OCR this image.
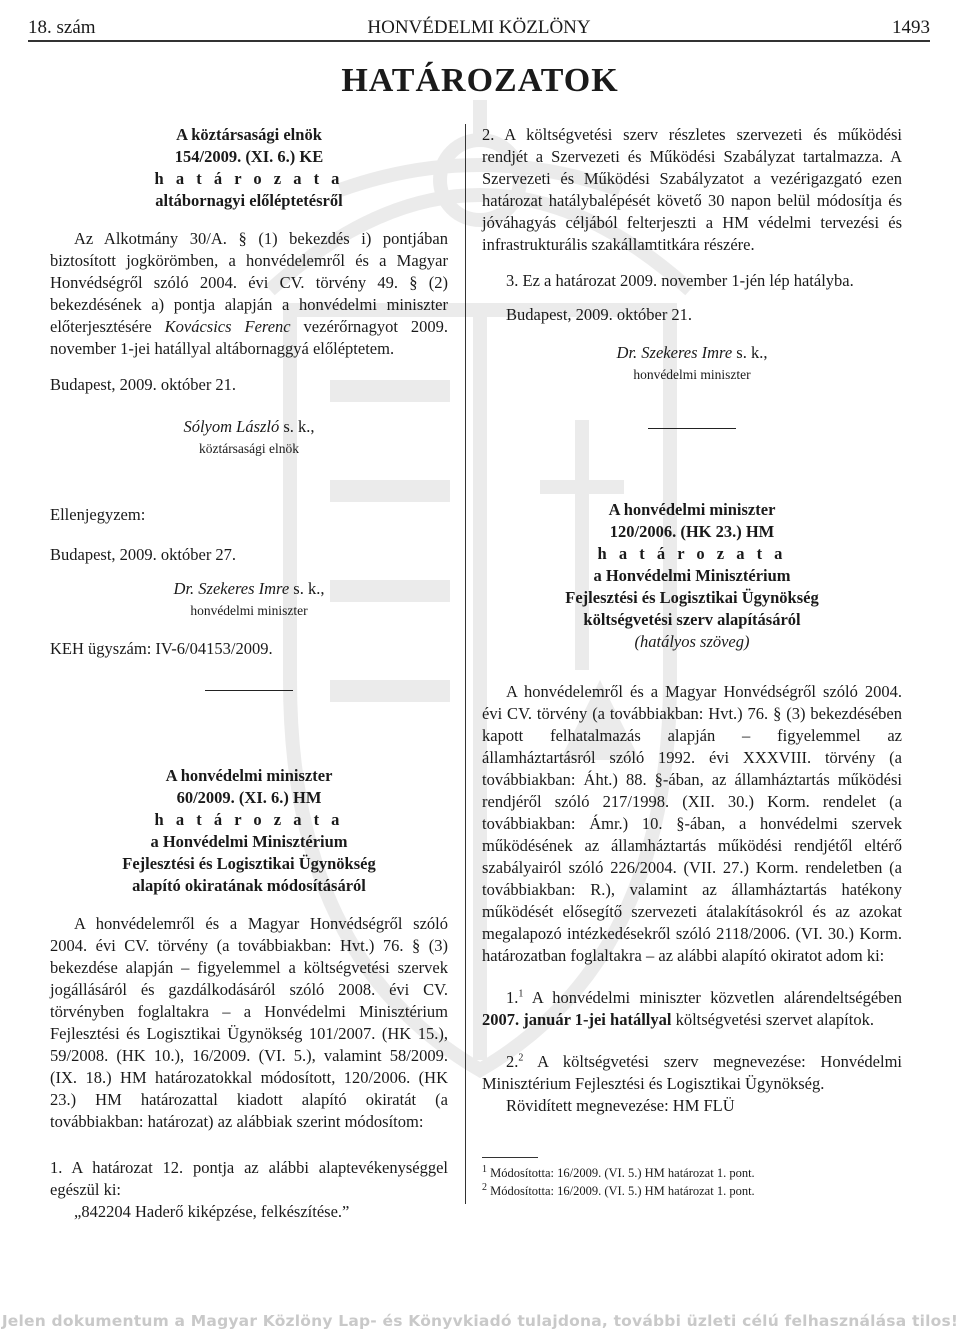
18. szám	HONVÉDELMI KÖZLÖNY	1493
HATÁROZATOK
A köztársasági elnök
154/2009. (XI. 6.) KE
h a t á r o z a t a
altábornagyi előléptetésről

Az Alkotmány 30/A. § (1) bekezdés i) pontjában biztosított jogkörömben, a honvédelemről és a Magyar Honvédségről szóló 2004. évi CV. törvény 49. § (2) bekezdésének a) pontja alapján a honvédelmi miniszter előterjesztésére Kovácsics Ferenc vezérőrnagyot 2009. november 1-jei hatállyal altábornaggyá előléptetem.

Budapest, 2009. október 21.

Sólyom László s. k.,
köztársasági elnök

Ellenjegyzem:

Budapest, 2009. október 27.

Dr. Szekeres Imre s. k.,
honvédelmi miniszter

KEH ügyszám: IV-6/04153/2009.

A honvédelmi miniszter
60/2009. (XI. 6.) HM
h a t á r o z a t a
a Honvédelmi Minisztérium
Fejlesztési és Logisztikai Ügynökség
alapító okiratának módosításáról

A honvédelemről és a Magyar Honvédségről szóló 2004. évi CV. törvény (a továbbiakban: Hvt.) 76. § (3) bekezdése alapján – figyelemmel a költségvetési szervek jogállásáról és gazdálkodásáról szóló 2008. évi CV. törvényben foglaltakra – a Honvédelmi Minisztérium Fejlesztési és Logisztikai Ügynökség 101/2007. (HK 15.), 59/2008. (HK 10.), 16/2009. (VI. 5.), valamint 58/2009. (IX. 18.) HM határozatokkal módosított, 120/2006. (HK 23.) HM határozattal kiadott alapító okiratát (a továbbiakban: határozat) az alábbiak szerint módosítom:

1. A határozat 12. pontja az alábbi alaptevékenységgel egészül ki:

„842204 Haderő kiképzése, felkészítése.”

2. A költségvetési szerv részletes szervezeti és működési rendjét a Szervezeti és Működési Szabályzat tartalmazza. A Szervezeti és Működési Szabályzatot a vezérigazgató ezen határozat hatálybalépését követő 30 napon belül módosítja és jóváhagyás céljából felterjeszti a HM védelmi tervezési és infrastrukturális szakállamtitkára részére.

3. Ez a határozat 2009. november 1-jén lép hatályba.

Budapest, 2009. október 21.

Dr. Szekeres Imre s. k.,
honvédelmi miniszter
A honvédelmi miniszter
120/2006. (HK 23.) HM
h a t á r o z a t a
a Honvédelmi Minisztérium
Fejlesztési és Logisztikai Ügynökség
költségvetési szerv alapításáról
(hatályos szöveg)

A honvédelemről és a Magyar Honvédségről szóló 2004. évi CV. törvény (a továbbiakban: Hvt.) 76. § (3) bekezdésében kapott felhatalmazás alapján – figyelemmel az államháztartásról szóló 1992. évi XXXVIII. törvény (a továbbiakban: Áht.) 88. §-ában, az államháztartás működési rendjéről szóló 217/1998. (XII. 30.) Korm. rendelet (a továbbiakban: Ámr.) 10. §-ában, a honvédelmi szervek működésének az államháztartás működési rendjétől eltérő szabályairól szóló 226/2004. (VII. 27.) Korm. rendeletben (a továbbiakban: R.), valamint az államháztartás hatékony működését elősegítő szervezeti átalakításokról és az azokat megalapozó intézkedésekről szóló 2118/2006. (VI. 30.) Korm. határozatban foglaltakra – az alábbi alapító okiratot adom ki:

1.$^1$ A honvédelmi miniszter közvetlen alárendeltségében 2007. január 1-jei hatállyal költségvetési szervet alapítok.

2.$^2$ A költségvetési szerv megnevezése: Honvédelmi Minisztérium Fejlesztési és Logisztikai Ügynökség.

Rövidített megnevezése: HM FLÜ

$^1$ Módosította: 16/2009. (VI. 5.) HM határozat 1. pont.
$^2$ Módosította: 16/2009. (VI. 5.) HM határozat 1. pont.
Jelen dokumentum a Magyar Közlöny Lap- és Könyvkiadó tulajdona, további üzleti célú felhasználása tilos!
